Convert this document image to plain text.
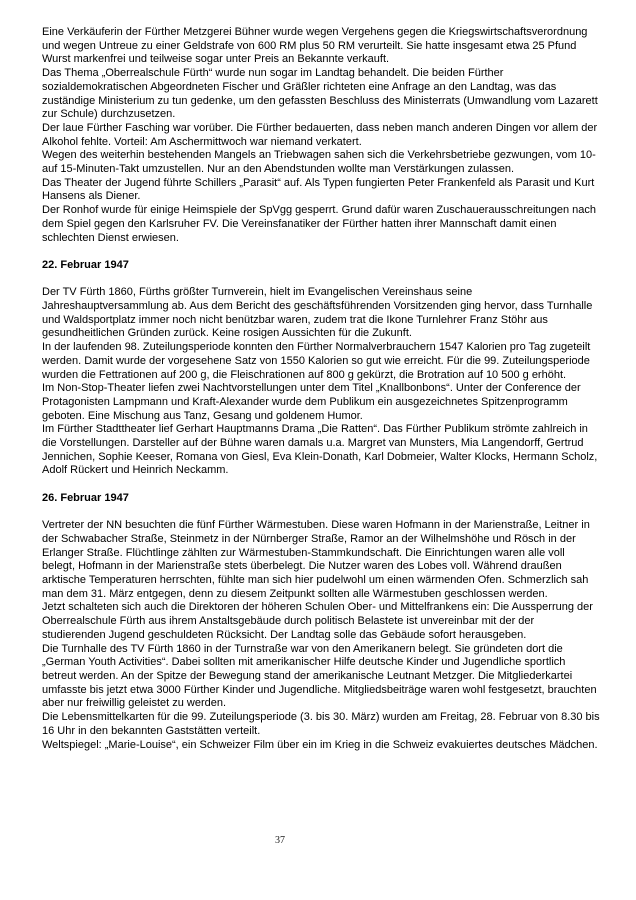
Eine Verkäuferin der Fürther Metzgerei Bühner wurde wegen Vergehens gegen die Kriegswirtschaftsverordnung und wegen Untreue zu einer Geldstrafe von 600 RM plus 50 RM verurteilt. Sie hatte insgesamt etwa 25 Pfund Wurst markenfrei und teilweise sogar unter Preis an Bekannte verkauft.

Das Thema „Oberrealschule Fürth“ wurde nun sogar im Landtag behandelt. Die beiden Fürther sozialdemokratischen Abgeordneten Fischer und Gräßler richteten eine Anfrage an den Landtag, was das zuständige Ministerium zu tun gedenke, um den gefassten Beschluss des Ministerrats (Umwandlung vom Lazarett zur Schule) durchzusetzen.

Der laue Fürther Fasching war vorüber. Die Fürther bedauerten, dass neben manch anderen Dingen vor allem der Alkohol fehlte. Vorteil: Am Aschermittwoch war niemand verkatert.

Wegen des weiterhin bestehenden Mangels an Triebwagen sahen sich die Verkehrsbetriebe gezwungen, vom 10- auf 15-Minuten-Takt umzustellen. Nur an den Abendstunden wollte man Verstärkungen zulassen.

Das Theater der Jugend führte Schillers „Parasit“ auf. Als Typen fungierten Peter Frankenfeld als Parasit und Kurt Hansens als Diener.

Der Ronhof wurde für einige Heimspiele der SpVgg gesperrt. Grund dafür waren Zuschauerausschreitungen nach dem Spiel gegen den Karlsruher FV. Die Vereinsfanatiker der Fürther hatten ihrer Mannschaft damit einen schlechten Dienst erwiesen.

22. Februar 1947

Der TV Fürth 1860, Fürths größter Turnverein, hielt im Evangelischen Vereinshaus seine Jahreshauptversammlung ab. Aus dem Bericht des geschäftsführenden Vorsitzenden ging hervor, dass Turnhalle und Waldsportplatz immer noch nicht benützbar waren, zudem trat die Ikone Turnlehrer Franz Stöhr aus gesundheitlichen Gründen zurück. Keine rosigen Aussichten für die Zukunft.

In der laufenden 98. Zuteilungsperiode konnten den Fürther Normalverbrauchern 1547 Kalorien pro Tag zugeteilt werden. Damit wurde der vorgesehene Satz von 1550 Kalorien so gut wie erreicht. Für die 99. Zuteilungsperiode wurden die Fettrationen auf 200 g, die Fleischrationen auf 800 g gekürzt, die Brotration auf 10 500 g erhöht.

Im Non-Stop-Theater liefen zwei Nachtvorstellungen unter dem Titel „Knallbonbons“. Unter der Conference der Protagonisten Lampmann und Kraft-Alexander wurde dem Publikum ein ausgezeichnetes Spitzenprogramm geboten. Eine Mischung aus Tanz, Gesang und goldenem Humor.

Im Fürther Stadttheater lief Gerhart Hauptmanns Drama „Die Ratten“. Das Fürther Publikum strömte zahlreich in die Vorstellungen. Darsteller auf der Bühne waren damals u.a. Margret van Munsters, Mia Langendorff, Gertrud Jennichen, Sophie Keeser, Romana von Giesl, Eva Klein-Donath, Karl Dobmeier, Walter Klocks, Hermann Scholz, Adolf Rückert und Heinrich Neckamm.

26. Februar 1947

Vertreter der NN besuchten die fünf Fürther Wärmestuben. Diese waren Hofmann in der Marienstraße, Leitner in der Schwabacher Straße, Steinmetz in der Nürnberger Straße, Ramor an der Wilhelmshöhe und Rösch in der Erlanger Straße. Flüchtlinge zählten zur Wärmestuben-Stammkundschaft. Die Einrichtungen waren alle voll belegt, Hofmann in der Marienstraße stets überbelegt. Die Nutzer waren des Lobes voll. Während draußen arktische Temperaturen herrschten, fühlte man sich hier pudelwohl um einen wärmenden Ofen. Schmerzlich sah man dem 31. März entgegen, denn zu diesem Zeitpunkt sollten alle Wärmestuben geschlossen werden.

Jetzt schalteten sich auch die Direktoren der höheren Schulen Ober- und Mittelfrankens ein: Die Aussperrung der Oberrealschule Fürth aus ihrem Anstaltsgebäude durch politisch Belastete ist unvereinbar mit der der studierenden Jugend geschuldeten Rücksicht. Der Landtag solle das Gebäude sofort herausgeben.

Die Turnhalle des TV Fürth 1860 in der Turnstraße war von den Amerikanern belegt. Sie gründeten dort die „German Youth Activities“. Dabei sollten mit amerikanischer Hilfe deutsche Kinder und Jugendliche sportlich betreut werden. An der Spitze der Bewegung stand der amerikanische Leutnant Metzger. Die Mitgliederkartei umfasste bis jetzt etwa 3000 Fürther Kinder und Jugendliche. Mitgliedsbeiträge waren wohl festgesetzt, brauchten aber nur freiwillig geleistet zu werden.

Die Lebensmittelkarten für die 99. Zuteilungsperiode (3. bis 30. März) wurden am Freitag, 28. Februar von 8.30 bis 16 Uhr in den bekannten Gaststätten verteilt.

Weltspiegel: „Marie-Louise“, ein Schweizer Film über ein im Krieg in die Schweiz evakuiertes deutsches Mädchen.

37
